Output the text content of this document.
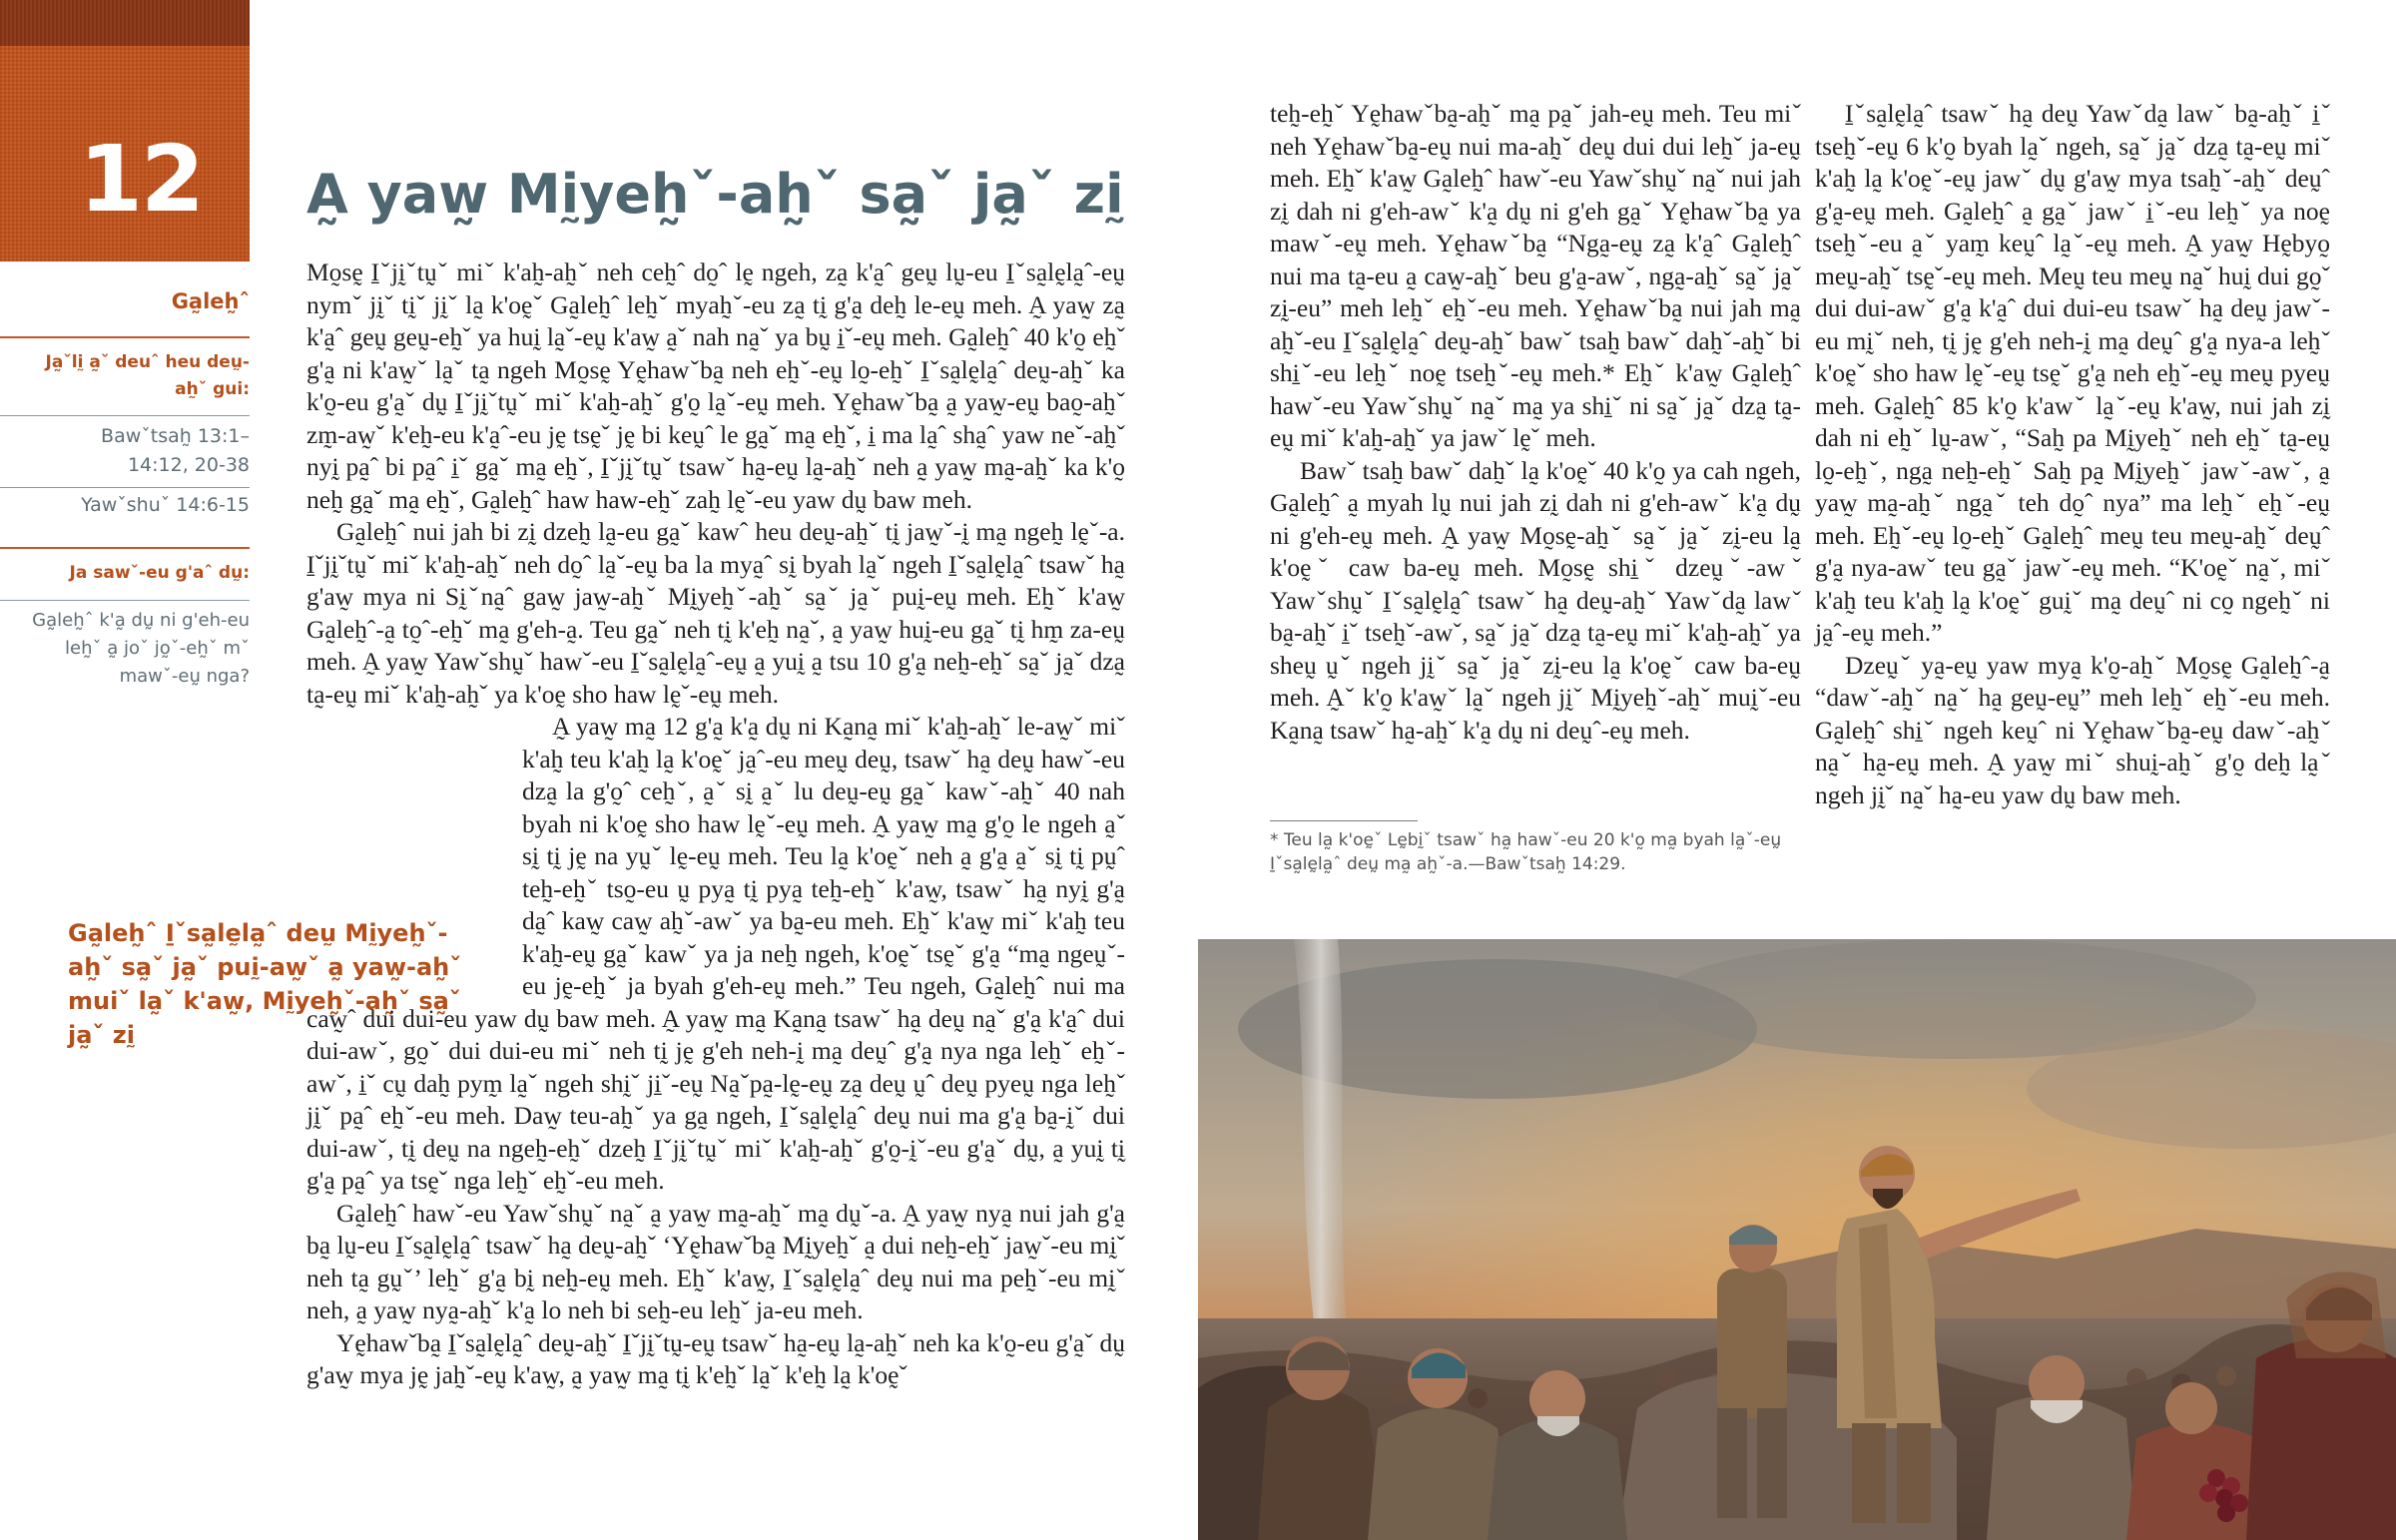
12
Ga̰leh̰ˆ
Ja̰ˇlḭ a̰ˇ deuˆ heu deṵ-ah̰ˇ gui:
Bawˇtsah̰ 13:1– 14:12, 20-38
Yawˇshuˇ 14:6-15
Ja sawˇ-eu g'aˆ dṵ:
Ga̰leh̰ˆ k'a̰ dṵ ni g'eh-eu leh̰ˇ a̰ joˇ jo̰ˇ-eh̰ˇ mˇ mawˇ-eṵ nga?
A̰ yaw̰ Mḭyeh̰ˇ-ah̰ˇ sa̰ˇ ja̰ˇ zḭ
Ga̰leh̰ˆ I̱ˇsa̰lḛla̰ˆ deṵ Mḭyeh̰ˇ-ah̰ˇ sa̰ˇ ja̰ˇ puḭ-aw̰ˇ a̰ yaw̰-ah̰ˇ muiˇ la̰ˇ k'aw̰, Mḭyeh̰ˇ-ah̰ˇ sa̰ˇ ja̰ˇ zḭ

Mo̰sḛ I̱ˇjḭˇtṵˇ miˇ k'ah̰-ah̰ˇ neh ceh̰ˆ do̰ˆ lḛ ngeh, za̰ k'a̰ˆ geṵ lṵ-eu I̱ˇsa̰lḛla̰ˆ-eṵ nymˇ jḭˇ tḭˇ jḭˇ la̰ k'oḛˇ Ga̰leh̰ˆ leh̰ˇ myah̰ˇ-eu za̰ tḭ g'a̰ deh̰ le-eṵ meh. A̰ yaw̰ za̰ k'a̰ˆ geṵ geṵ-eh̰ˇ ya huḭ la̰ˇ-eṵ k'aw̰ a̰ˇ nah na̰ˇ ya bṵ i̱ˇ-eṵ meh. Ga̰leh̰ˆ 40 k'o̰ eh̰ˇ g'a̰ ni k'aw̰ˇ la̰ˇ ta̰ ngeh Mo̰sḛ Yḛhawˇba̰ neh eh̰ˇ-eṵ lo̰-eh̰ˇ I̱ˇsa̰lḛla̰ˆ deṵ-ah̰ˇ ka k'o̰-eu g'a̰ˇ dṵ I̱ˇjḭˇtṵˇ miˇ k'ah̰-ah̰ˇ g'o̰ la̰ˇ-eṵ meh. Yḛhawˇba̰ a̰ yaw̰-eṵ bao̰-ah̰ˇ zm̰-aw̰ˇ k'eh̰-eu k'a̰ˆ-eu jḛ tsḛˇ jḛ bi keṵˆ le ga̰ˇ ma̰ eh̰ˇ, i̱ ma la̰ˆ sha̰ˆ yaw neˇ-ah̰ˇ nyḭ pa̰ˆ bi pa̰ˆ i̱ˇ ga̰ˇ ma̰ eh̰ˇ, I̱ˇjḭˇtṵˇ tsawˇ ha̰-eṵ la̰-ah̰ˇ neh a̰ yaw̰ ma̰-ah̰ˇ ka k'o̰ neh̰ ga̰ˇ ma̰ eh̰ˇ, Ga̰leh̰ˆ haw haw-eh̰ˇ zah̰ lḛˇ-eu yaw dṵ baw meh.

Ga̰leh̰ˆ nui jah bi zḭ dzeh̰ la̰-eu ga̰ˇ kawˆ heu deṵ-ah̰ˇ tḭ jaw̰ˇ-ḭ ma̰ ngeh̰ lḛˇ-a. I̱ˇjḭˇtṵˇ miˇ k'ah̰-ah̰ˇ neh do̰ˆ la̰ˇ-eṵ ba la mya̰ˆ sḭ byah la̰ˇ ngeh I̱ˇsa̰lḛla̰ˆ tsawˇ ha̰ g'aw̰ mya ni Sḭˇna̰ˆ gaw̰ jaw̰-ah̰ˇ Mḭyeh̰ˇ-ah̰ˇ sa̰ˇ ja̰ˇ puḭ-eṵ meh. Eh̰ˇ k'aw̰ Ga̰leh̰ˆ-a̰ to̰ˆ-eh̰ˇ ma̰ g'eh-a̰. Teu ga̰ˇ neh tḭ k'eh̰ na̰ˇ, a̰ yaw̰ huḭ-eu ga̰ˇ tḭ hm̰ za-eṵ meh. A̰ yaw̰ Yawˇshṵˇ hawˇ-eu I̱ˇsa̰lḛla̰ˆ-eṵ a̰ yuḭ a̰ tsu 10 g'a̰ neh̰-eh̰ˇ sa̰ˇ ja̰ˇ dza̰ ta̰-eṵ miˇ k'ah̰-ah̰ˇ ya k'oḛ sho haw lḛˇ-eṵ meh.

A̰ yaw̰ ma̰ 12 g'a̰ k'a̰ dṵ ni Ka̰na̰ miˇ k'ah̰-ah̰ˇ le-aw̰ˇ miˇ k'ah̰ teu k'ah̰ la̰ k'oḛˇ ja̰ˆ-eu meṵ deṵ, tsawˇ ha̰ deṵ hawˇ-eu dza̰ la g'o̰ˆ ceh̰ˇ, a̰ˇ sḭ a̰ˇ lu deṵ-eṵ ga̰ˇ kawˇ-ah̰ˇ 40 nah byah ni k'oḛ sho haw lḛˇ-eṵ meh. A̰ yaw̰ ma̰ g'o̰ le ngeh a̰ˇ sḭ tḭ jḛ na yṵˇ lḛ-eṵ meh. Teu la̰ k'oḛˇ neh a̰ g'a̰ a̰ˇ sḭ tḭ pṵˆ teh̰-eh̰ˇ tso̰-eu ṵ pya̰ tḭ pya̰ teh̰-eh̰ˇ k'aw̰, tsawˇ ha̰ nyḭ g'a̰ da̰ˆ kaw̰ caw̰ ah̰ˇ-awˇ ya ba̰-eu meh. Eh̰ˇ k'aw̰ miˇ k'ah̰ teu k'ah̰-eṵ ga̰ˇ kawˇ ya ja neh̰ ngeh, k'oḛˇ tsḛˇ g'a̰ “ma̰ ngeṵˇ-eu jḛ-eh̰ˇ ja byah g'eh-eṵ meh.” Teu ngeh, Ga̰leh̰ˆ nui ma caw̰ˆ dui dui-eu yaw dṵ baw meh. A̰ yaw̰ ma̰ Ka̰na̰ tsawˇ ha̰ deṵ na̰ˇ g'a̰ k'a̰ˆ dui dui-awˇ, go̰ˇ dui dui-eu miˇ neh tḭ jḛ g'eh neh-ḭ ma̰ deṵˆ g'a̰ nya nga leh̰ˇ eh̰ˇ-awˇ, i̱ˇ cṵ dah̰ pym̰ la̰ˇ ngeh shḭˇ ji̱ˇ-eṵ Na̰ˇpa̰-lḛ-eṵ za̰ deṵ ṵˆ deṵ pyeṵ nga leh̰ˇ jḭˇ pa̰ˆ eh̰ˇ-eu meh. Daw̰ teu-ah̰ˇ ya ga̰ ngeh, I̱ˇsa̰lḛla̰ˆ deṵ nui ma g'a̰ ba̰-ḭˇ dui dui-awˇ, tḭ deṵ na ngeh̰-eh̰ˇ dzeh̰ I̱ˇjḭˇtṵˇ miˇ k'ah̰-ah̰ˇ g'o̰-ḭˇ-eu g'a̰ˇ dṵ, a̰ yuḭ tḭ g'a̰ pa̰ˆ ya tsḛˇ nga leh̰ˇ eh̰ˇ-eu meh.

Ga̰leh̰ˆ hawˇ-eu Yawˇshṵˇ na̰ˇ a̰ yaw̰ ma̰-ah̰ˇ ma̰ dṵˇ-a. A̰ yaw̰ nya̰ nui jah g'a̰ ba̰ lṵ-eu I̱ˇsa̰lḛla̰ˆ tsawˇ ha̰ deṵ-ah̰ˇ ‘Yḛhawˇba̰ Mḭyeh̰ˇ a̰ dui neh̰-eh̰ˇ jaw̰ˇ-eu mḭˇ neh ta̰ gṵˇ’ leh̰ˇ g'a̰ bḭ neh̰-eṵ meh. Eh̰ˇ k'aw̰, I̱ˇsa̰lḛla̰ˆ deṵ nui ma peh̰ˇ-eu mḭˇ neh, a̰ yaw̰ nya̰-ah̰ˇ k'a̰ lo neh bi seh̰-eu leh̰ˇ ja-eu meh.

Yḛhawˇba̰ I̱ˇsa̰lḛla̰ˆ deṵ-ah̰ˇ I̱ˇjḭˇtṵ-eṵ tsawˇ ha̰-eṵ la̰-ah̰ˇ neh ka k'o̰-eu g'a̰ˇ dṵ g'aw̰ mya jḛ jah̰ˇ-eṵ k'aw̰, a̰ yaw̰ ma̰ tḭ k'eh̰ˇ la̰ˇ k'eh̰ la̰ k'oḛˇ

teh̰-eh̰ˇ Yḛhawˇba̰-ah̰ˇ ma̰ pa̰ˇ jah-eṵ meh. Teu miˇ neh Yḛhawˇba̰-eṵ nui ma-ah̰ˇ deṵ dui dui leh̰ˇ ja-eṵ meh. Eh̰ˇ k'aw̰ Ga̰leh̰ˆ hawˇ-eu Yawˇshṵˇ na̰ˇ nui jah zḭ dah ni g'eh-awˇ k'a̰ dṵ ni g'eh ga̰ˇ Yḛhawˇba̰ ya mawˇ-eṵ meh. Yḛhawˇba̰ “Nga̰-eṵ za̰ k'a̰ˆ Ga̰leh̰ˆ nui ma ta̰-eu a̰ caw̰-ah̰ˇ beu g'a̰-awˇ, nga̰-ah̰ˇ sa̰ˇ ja̰ˇ zḭ-eu” meh leh̰ˇ eh̰ˇ-eu meh. Yḛhawˇba̰ nui jah ma̰ ah̰ˇ-eu I̱ˇsa̰lḛla̰ˆ deṵ-ah̰ˇ bawˇ tsah̰ bawˇ dah̰ˇ-ah̰ˇ bi shi̱ˇ-eu leh̰ˇ noḛ tseh̰ˇ-eṵ meh.* Eh̰ˇ k'aw̰ Ga̰leh̰ˆ hawˇ-eu Yawˇshṵˇ na̰ˇ ma̰ ya shi̱ˇ ni sa̰ˇ ja̰ˇ dza̰ ta̰-eṵ miˇ k'ah̰-ah̰ˇ ya jawˇ lḛˇ meh.

Bawˇ tsah̰ bawˇ dah̰ˇ la̰ k'oḛˇ 40 k'o̰ ya cah ngeh, Ga̰leh̰ˆ a̰ myah lṵ nui jah zḭ dah ni g'eh-awˇ k'a̰ dṵ ni g'eh-eṵ meh. A̰ yaw̰ Mo̰sḛ-ah̰ˇ sa̰ˇ ja̰ˇ zḭ-eu la̰ k'oḛˇ caw ba-eṵ meh. Mo̰sḛ shi̱ˇ dzeṵˇ-awˇ Yawˇshṵˇ I̱ˇsa̰lḛla̰ˆ tsawˇ ha̰ deṵ-ah̰ˇ Yawˇda̰ lawˇ ba̰-ah̰ˇ i̱ˇ tseh̰ˇ-awˇ, sa̰ˇ ja̰ˇ dza̰ ta̰-eṵ miˇ k'ah̰-ah̰ˇ ya sheṵ ṵˇ ngeh jḭˇ sa̰ˇ ja̰ˇ zḭ-eu la̰ k'oḛˇ caw ba-eṵ meh. A̰ˇ k'o̰ k'aw̰ˇ la̰ˇ ngeh jḭˇ Mḭyeh̰ˇ-ah̰ˇ muḭˇ-eu Ka̰na̰ tsawˇ ha̰-ah̰ˇ k'a̰ dṵ ni deṵˆ-eṵ meh.

* Teu la̰ k'oḛˇ Lḛbḭˇ tsawˇ ha̰ hawˇ-eu 20 k'o̰ ma̰ byah la̰ˇ-eṵ I̱ˇsa̰lḛla̰ˆ deṵ ma̰ ah̰ˇ-a.—Bawˇtsah̰ 14:29.

I̱ˇsa̰lḛla̰ˆ tsawˇ ha̰ deṵ Yawˇda̰ lawˇ ba̰-ah̰ˇ i̱ˇ tseh̰ˇ-eṵ 6 k'o̰ byah la̰ˇ ngeh, sa̰ˇ ja̰ˇ dza̰ ta̰-eṵ miˇ k'ah̰ la̰ k'oḛˇ-eṵ jawˇ dṵ g'aw̰ mya tsah̰ˇ-ah̰ˇ deṵˆ g'a̰-eṵ meh. Ga̰leh̰ˆ a̰ ga̰ˇ jawˇ i̱ˇ-eu leh̰ˇ ya noḛ tseh̰ˇ-eu a̰ˇ yam̰ keṵˆ la̰ˇ-eṵ meh. A̰ yaw̰ Hḛbyo̰ meṵ-ah̰ˇ tsḛˇ-eṵ meh. Meṵ teu meṵ na̰ˇ huḭ dui go̰ˇ dui dui-awˇ g'a̰ k'a̰ˆ dui dui-eu tsawˇ ha̰ deṵ jawˇ-eu mḭˇ neh, tḭ jḛ g'eh neh-ḭ ma̰ deṵˆ g'a̰ nya-a leh̰ˇ k'oḛˇ sho haw lḛˇ-eṵ tsḛˇ g'a̰ neh eh̰ˇ-eṵ meṵ pyeṵ meh. Ga̰leh̰ˆ 85 k'o̰ k'awˇ la̰ˇ-eṵ k'aw̰, nui jah zḭ dah ni eh̰ˇ lṵ-awˇ, “Sah̰ pa Mḭyeh̰ˇ neh eh̰ˇ ta̰-eṵ lo̰-eh̰ˇ, nga̰ neh̰-eh̰ˇ Sah̰ pa̰ Mḭyeh̰ˇ jawˇ-awˇ, a̰ yaw̰ ma̰-ah̰ˇ nga̰ˇ teh do̰ˆ nya” ma leh̰ˇ eh̰ˇ-eṵ meh. Eh̰ˇ-eṵ lo̰-eh̰ˇ Ga̰leh̰ˆ meṵ teu meṵ-ah̰ˇ deṵˆ g'a̰ nya-awˇ teu ga̰ˇ jawˇ-eṵ meh. “K'oḛˇ na̰ˇ, miˇ k'ah̰ teu k'ah̰ la̰ k'oḛˇ guḭˇ ma̰ deṵˆ ni co̰ ngeh̰ˇ ni ja̰ˆ-eṵ meh.”

Dzeṵˇ ya̰-eṵ yaw mya̰ k'o̰-ah̰ˇ Mo̰sḛ Ga̰leh̰ˆ-a̰ “dawˇ-ah̰ˇ na̰ˇ ha̰ geṵ-eṵ” meh leh̰ˇ eh̰ˇ-eu meh. Ga̰leh̰ˆ shi̱ˇ ngeh keṵˆ ni Yḛhawˇba̰-eṵ dawˇ-ah̰ˇ na̰ˇ ha̰-eṵ meh. A̰ yaw̰ miˇ shuḭ-ah̰ˇ g'o̰ deh̰ la̰ˇ ngeh jḭˇ na̰ˇ ha̰-eu yaw dṵ baw meh.
